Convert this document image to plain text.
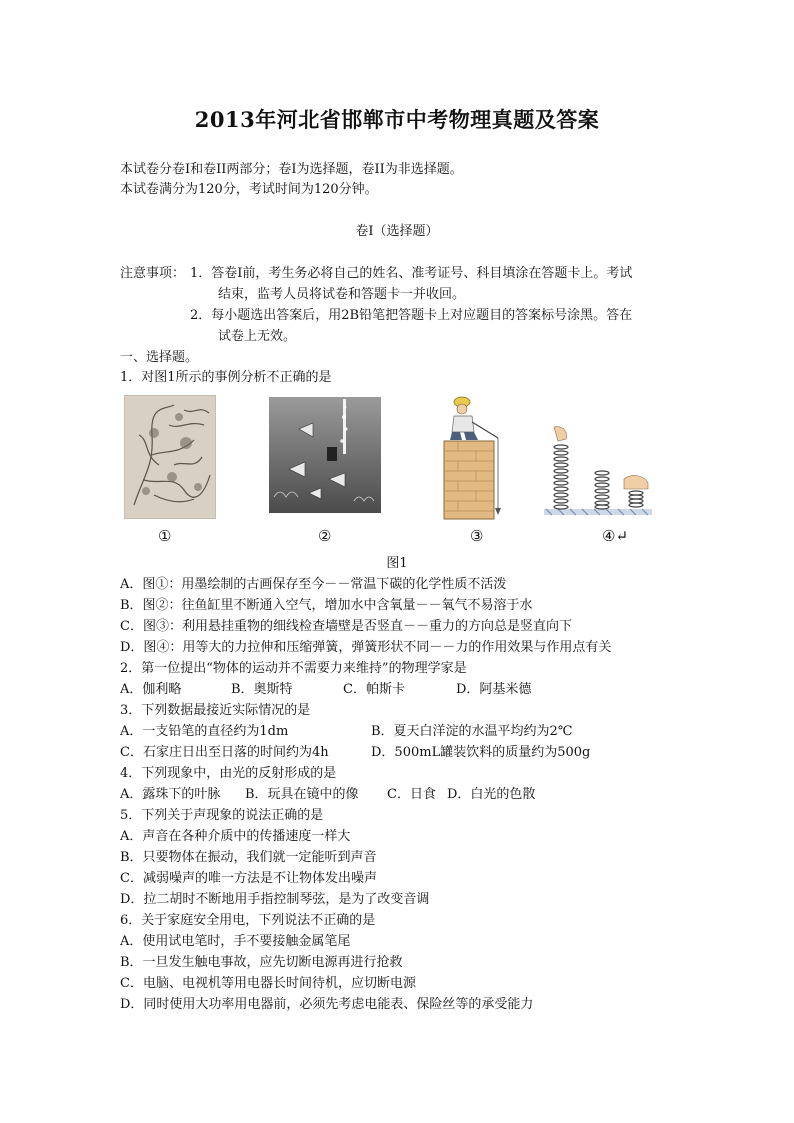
2013年河北省邯郸市中考物理真题及答案
本试卷分卷Ⅰ和卷II两部分；卷Ⅰ为选择题，卷II为非选择题。
本试卷满分为120分，考试时间为120分钟。
卷Ⅰ（选择题）
注意事项： 1．答卷Ⅰ前，考生务必将自己的姓名、准考证号、科目填涂在答题卡上。考试
结束，监考人员将试卷和答题卡一并收回。
2．每小题选出答案后，用2B铅笔把答题卡上对应题目的答案标号涂黑。答在
试卷上无效。
一、选择题。
1．对图1所示的事例分析不正确的是
①	②	③	④↵
图1
A．图①：用墨绘制的古画保存至今－－常温下碳的化学性质不活泼
B．图②：往鱼缸里不断通入空气，增加水中含氧量－－氧气不易溶于水
C．图③：利用悬挂重物的细线检查墙壁是否竖直－－重力的方向总是竖直向下
D．图④：用等大的力拉伸和压缩弹簧，弹簧形状不同－－力的作用效果与作用点有关
2．第一位提出“物体的运动并不需要力来维持”的物理学家是
A．伽利略	B．奥斯特	C．帕斯卡	D．阿基米德
3．下列数据最接近实际情况的是
A．一支铅笔的直径约为1dm	B．夏天白洋淀的水温平均约为2℃
C．石家庄日出至日落的时间约为4h	D．500mL罐装饮料的质量约为500g
4．下列现象中，由光的反射形成的是
A．露珠下的叶脉 B．玩具在镜中的像 C．日食 D．白光的色散
5．下列关于声现象的说法正确的是
A．声音在各种介质中的传播速度一样大
B．只要物体在振动，我们就一定能听到声音
C．减弱噪声的唯一方法是不让物体发出噪声
D．拉二胡时不断地用手指控制琴弦，是为了改变音调
6．关于家庭安全用电，下列说法不正确的是
A．使用试电笔时，手不要接触金属笔尾
B．一旦发生触电事故，应先切断电源再进行抢救
C．电脑、电视机等用电器长时间待机，应切断电源
D．同时使用大功率用电器前，必须先考虑电能表、保险丝等的承受能力
